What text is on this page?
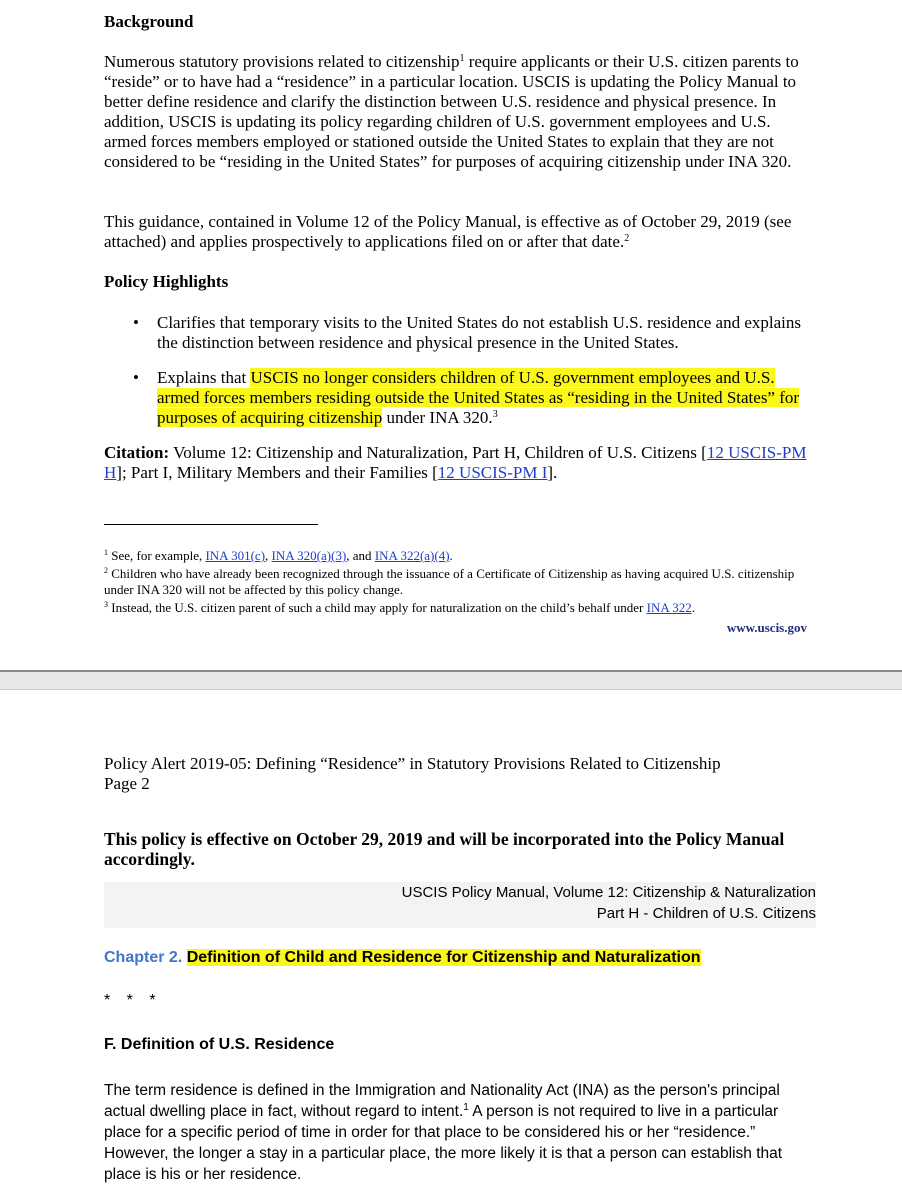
Background

Numerous statutory provisions related to citizenship$^1$ require applicants or their U.S. citizen parents to “reside” or to have had a “residence” in a particular location. USCIS is updating the Policy Manual to better define residence and clarify the distinction between U.S. residence and physical presence. In addition, USCIS is updating its policy regarding children of U.S. government employees and U.S. armed forces members employed or stationed outside the United States to explain that they are not considered to be “residing in the United States” for purposes of acquiring citizenship under INA 320.

This guidance, contained in Volume 12 of the Policy Manual, is effective as of October 29, 2019 (see attached) and applies prospectively to applications filed on or after that date.$^2$

Policy Highlights
• Clarifies that temporary visits to the United States do not establish U.S. residence and explains the distinction between residence and physical presence in the United States.
• Explains that USCIS no longer considers children of U.S. government employees and U.S. armed forces members residing outside the United States as “residing in the United States” for purposes of acquiring citizenship under INA 320.$^3$

Citation: Volume 12: Citizenship and Naturalization, Part H, Children of U.S. Citizens [12 USCIS-PM H]; Part I, Military Members and their Families [12 USCIS-PM I].

$^1$ See, for example, INA 301(c), INA 320(a)(3), and INA 322(a)(4).

$^2$ Children who have already been recognized through the issuance of a Certificate of Citizenship as having acquired U.S. citizenship under INA 320 will not be affected by this policy change.

$^3$ Instead, the U.S. citizen parent of such a child may apply for naturalization on the child’s behalf under INA 322.

www.uscis.gov

Policy Alert 2019-05: Defining “Residence” in Statutory Provisions Related to Citizenship
Page 2

This policy is effective on October 29, 2019 and will be incorporated into the Policy Manual accordingly.

USCIS Policy Manual, Volume 12: Citizenship & Naturalization
Part H - Children of U.S. Citizens
Chapter 2. Definition of Child and Residence for Citizenship and Naturalization
* * *
F. Definition of U.S. Residence

The term residence is defined in the Immigration and Nationality Act (INA) as the person's principal actual dwelling place in fact, without regard to intent.$^1$ A person is not required to live in a particular place for a specific period of time in order for that place to be considered his or her “residence.” However, the longer a stay in a particular place, the more likely it is that a person can establish that place is his or her residence.
